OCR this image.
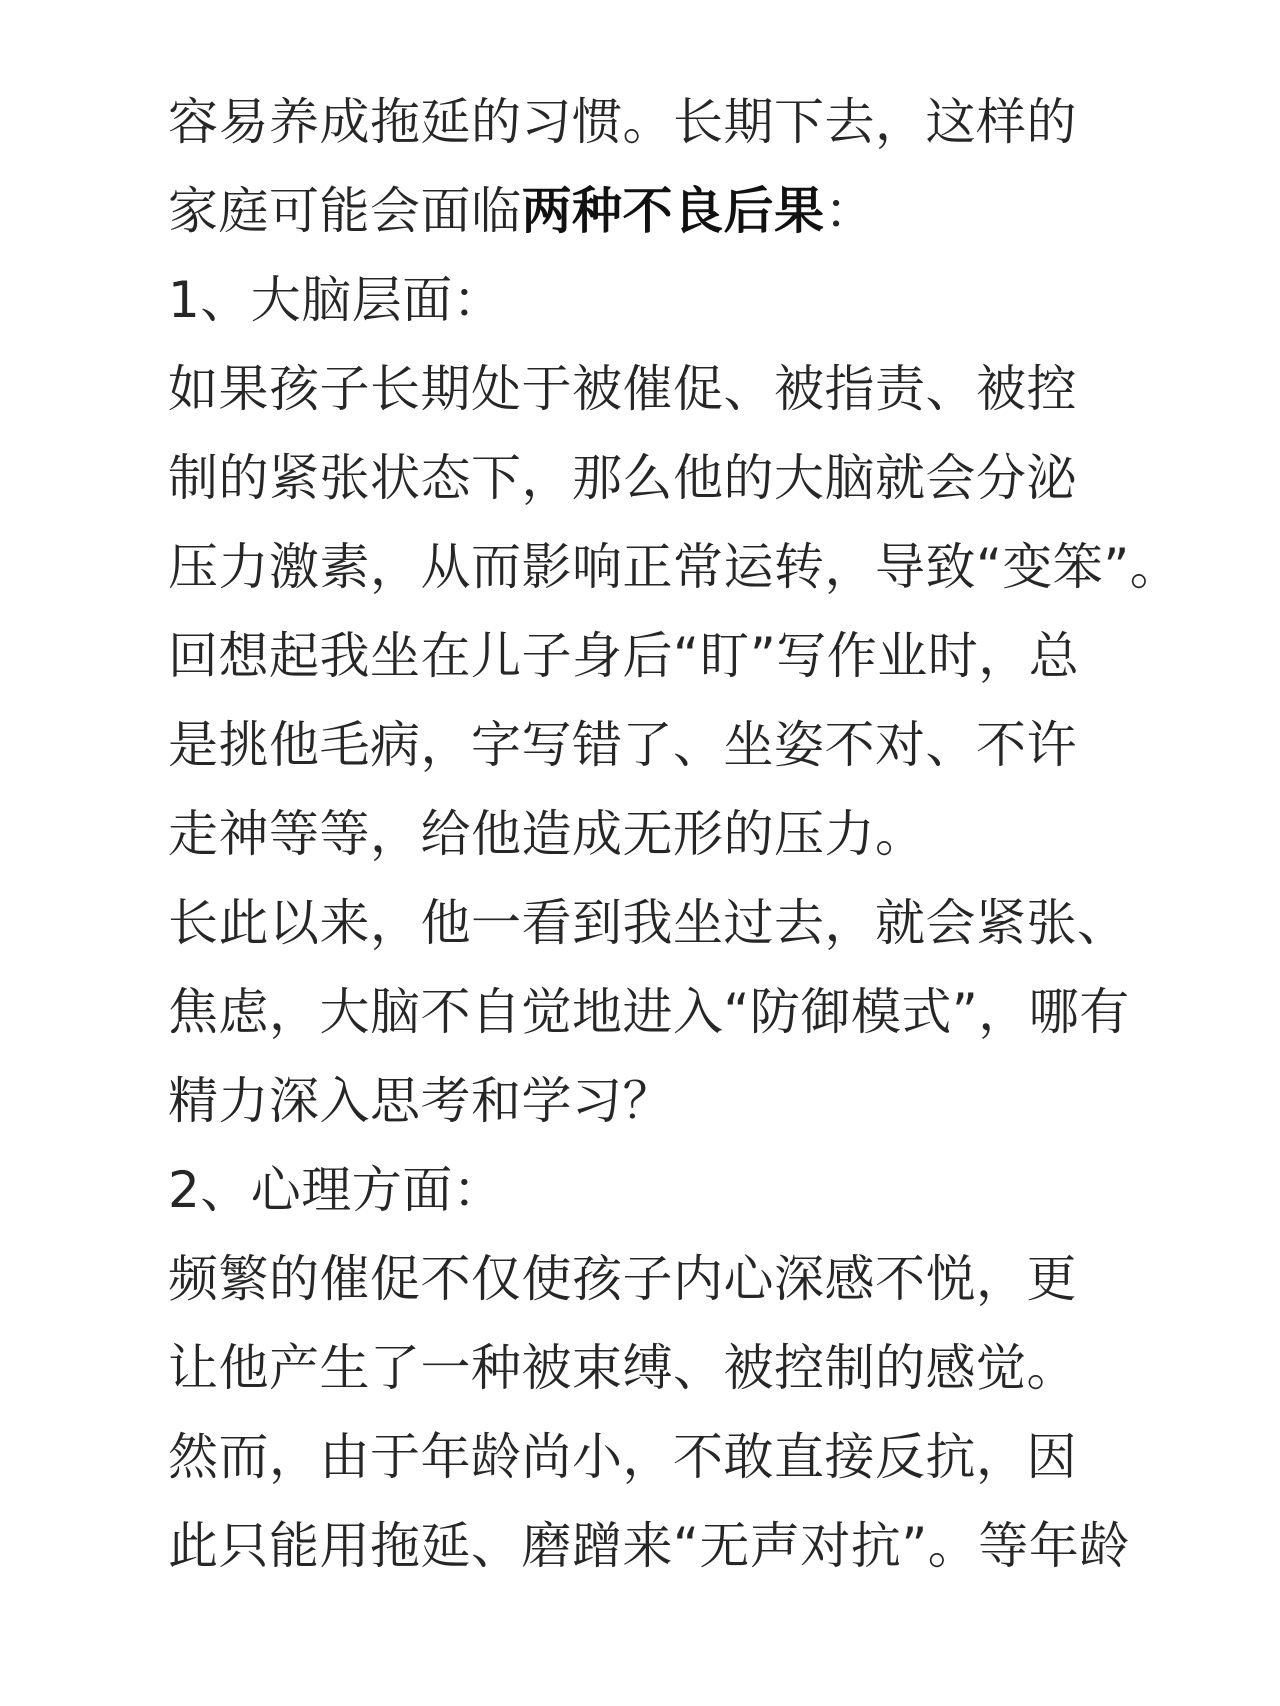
容易养成拖延的习惯。长期下去，这样的
家庭可能会面临两种不良后果：
1、大脑层面：
如果孩子长期处于被催促、被指责、被控
制的紧张状态下，那么他的大脑就会分泌
压力激素，从而影响正常运转，导致“变笨”。
回想起我坐在儿子身后“盯”写作业时，总
是挑他毛病，字写错了、坐姿不对、不许
走神等等，给他造成无形的压力。
长此以来，他一看到我坐过去，就会紧张、
焦虑，大脑不自觉地进入“防御模式”，哪有
精力深入思考和学习？
2、心理方面：
频繁的催促不仅使孩子内心深感不悦，更
让他产生了一种被束缚、被控制的感觉。
然而，由于年龄尚小，不敢直接反抗，因
此只能用拖延、磨蹭来“无声对抗”。等年龄
